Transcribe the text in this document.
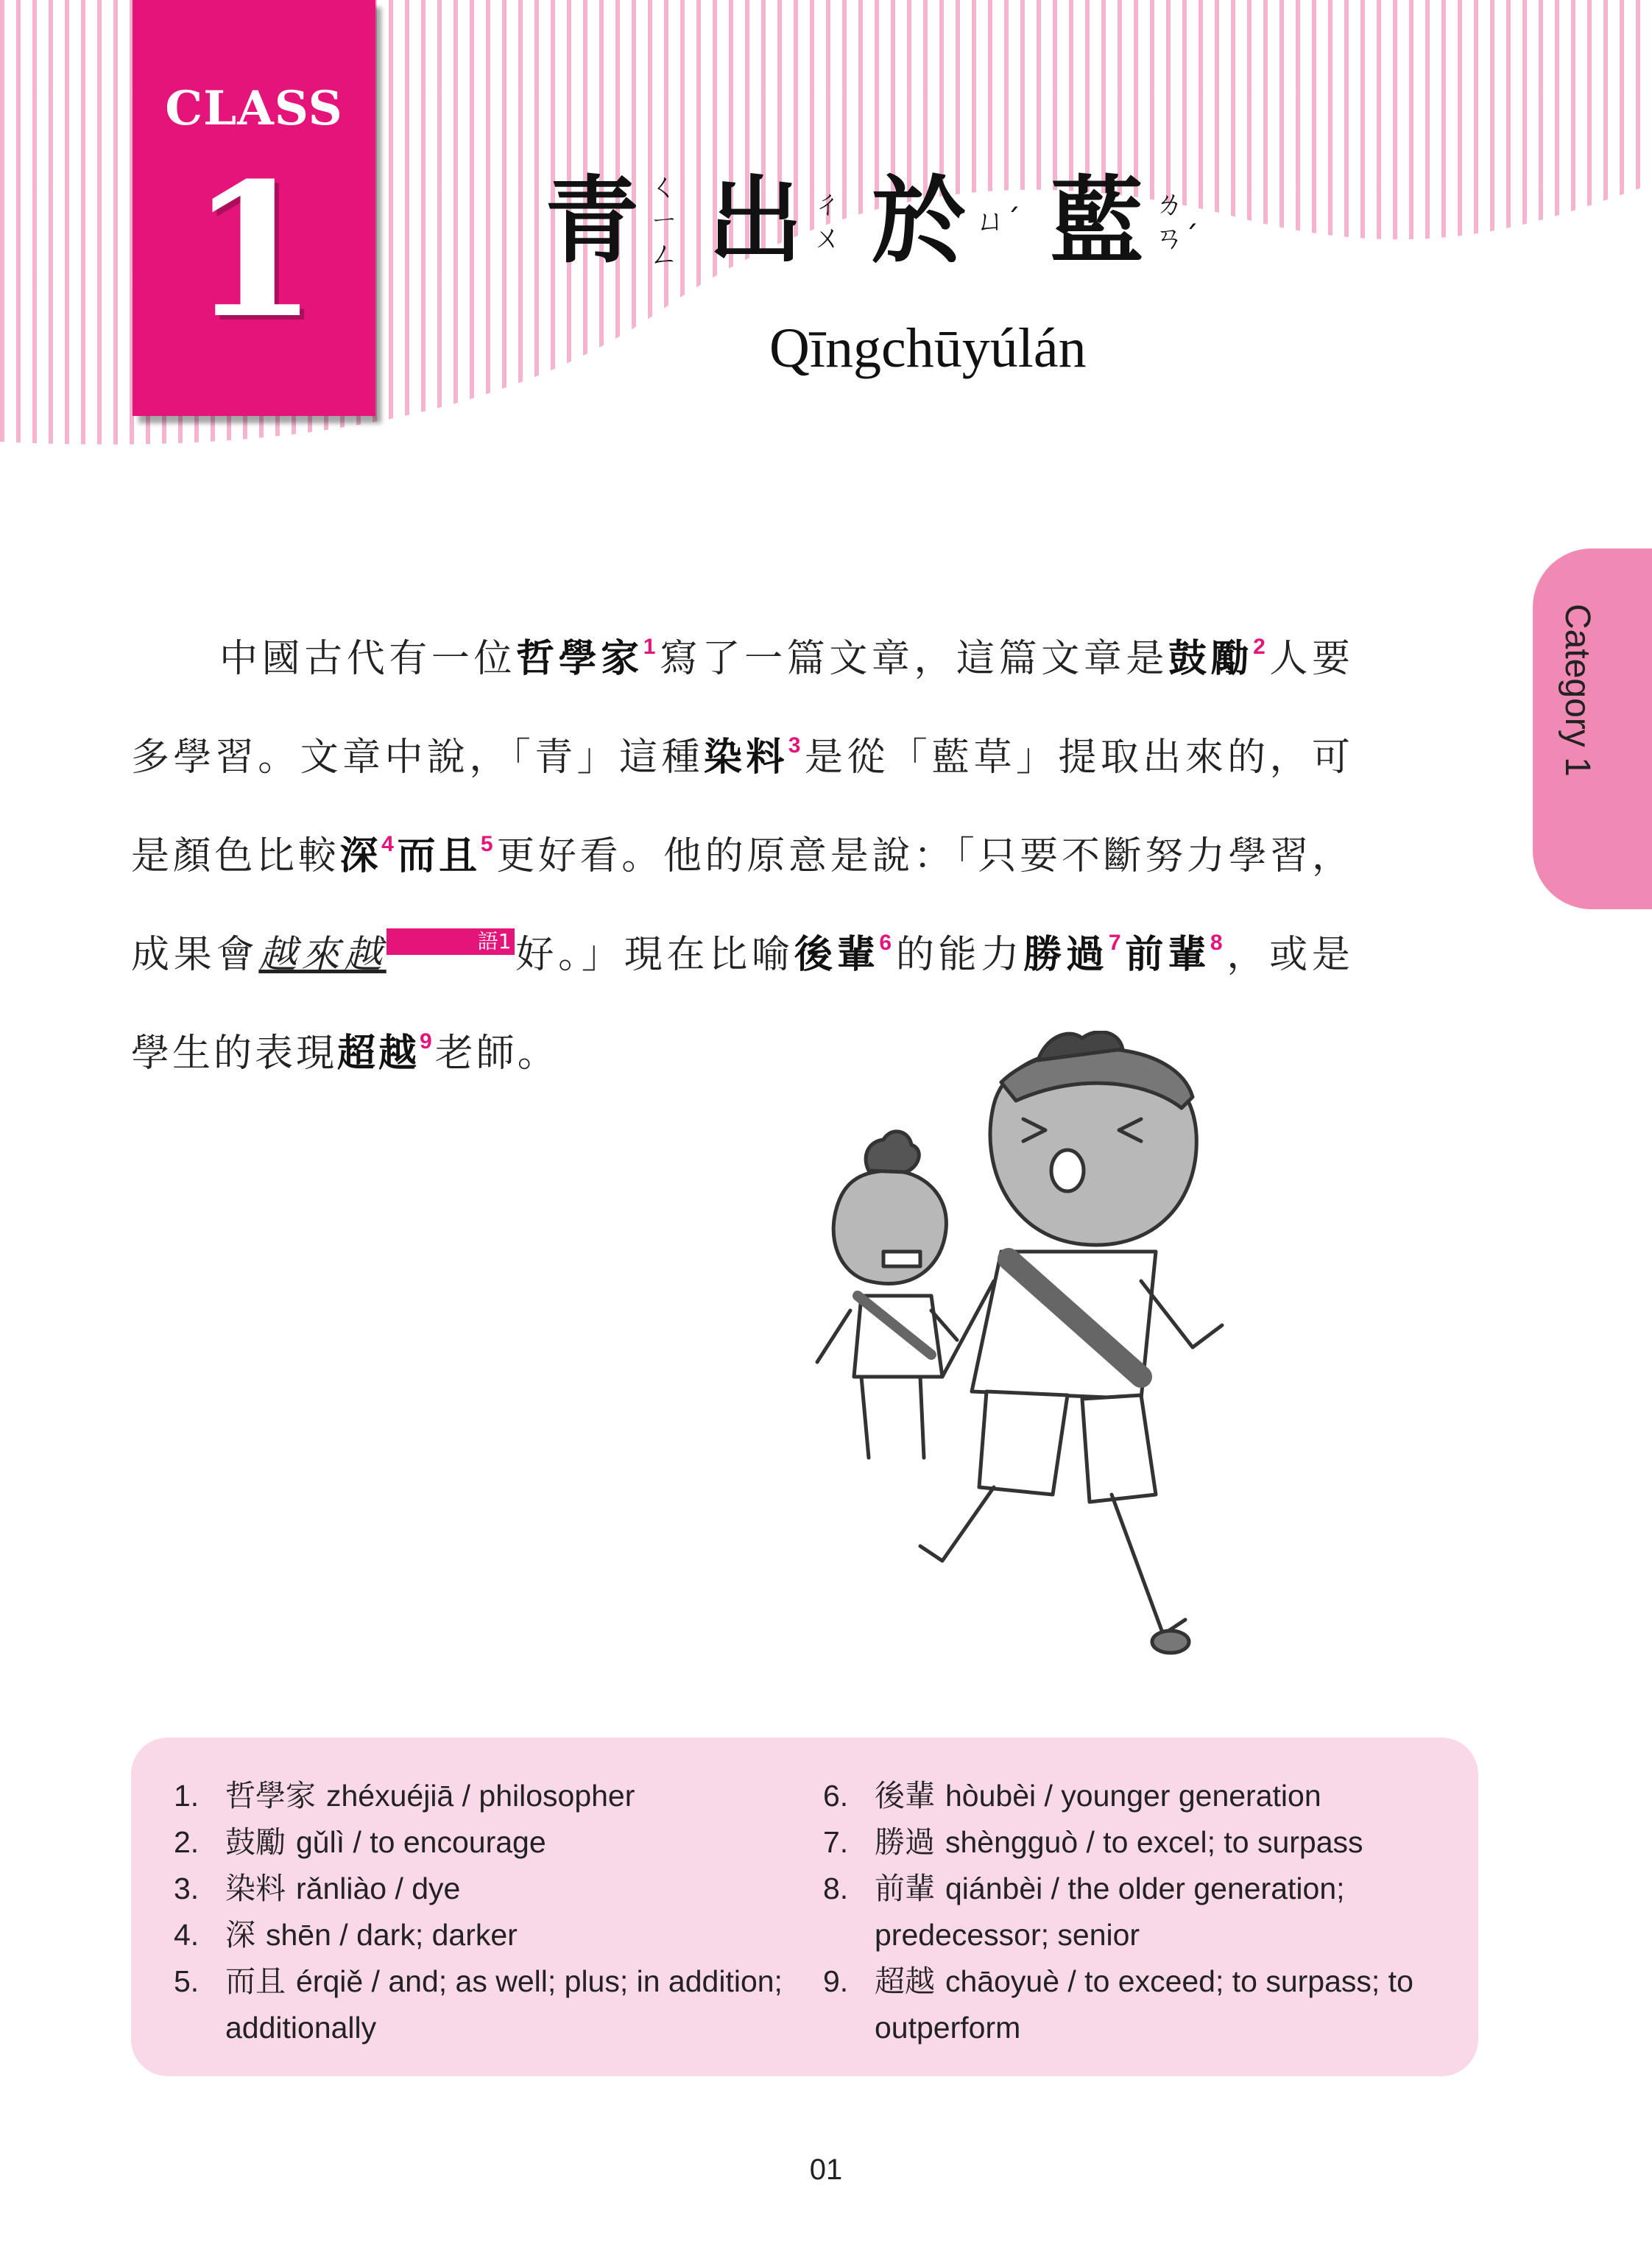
CLASS
1	青 ㄑ
ㄧ
ㄥ 出 ㄔ
ㄨ 於 ㄩ´ 藍 ㄌ
ㄢ´
Qīngchūyúlán
Category 1

中國古代有一位哲學家$^1$寫了一篇文章，這篇文章是鼓勵$^2$人要多學習。文章中說，「青」這種染料$^3$是從「藍草」提取出來的，可是顏色比較深$^4$而且$^5$更好看。他的原意是說：「只要不斷努力學習，成果會越來越	語1好。」現在比喻後輩$^6$的能力勝過$^7$前輩$^8$，或是學生的表現超越$^9$老師。

1. 哲學家 zhéxuéjiā / philosopher
2. 鼓勵 gǔlì / to encourage
3. 染料 rǎnliào / dye
4. 深 shēn / dark; darker
5. 而且 érqiě / and; as well; plus; in addition; additionally
6. 後輩 hòubèi / younger generation
7. 勝過 shèngguò / to excel; to surpass
8. 前輩 qiánbèi / the older generation; predecessor; senior
9. 超越 chāoyuè / to exceed; to surpass; to outperform
01
